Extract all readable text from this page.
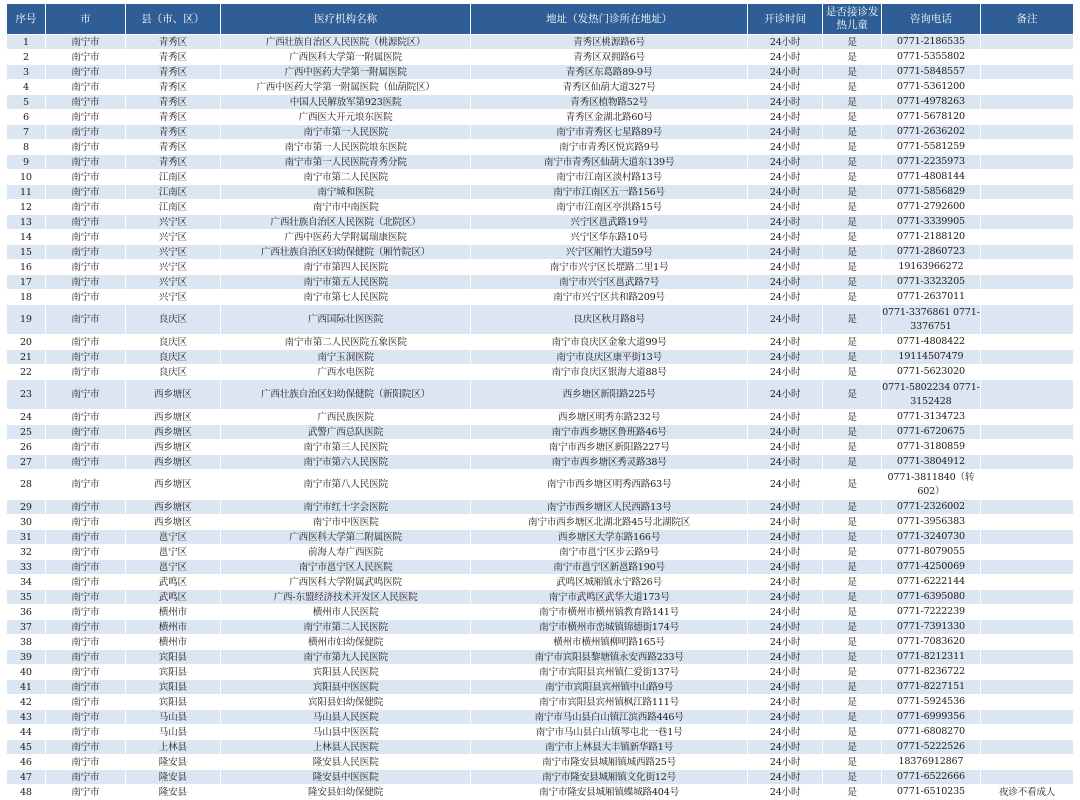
序号	市	县（市、区）	医疗机构名称	地址（发热门诊所在地址）	开诊时间	是否接诊发热儿童	咨询电话	备注
1	南宁市	青秀区	广西壮族自治区人民医院（桃源院区）	青秀区桃源路6号	24小时	是	0771-2186535	
2	南宁市	青秀区	广西医科大学第一附属医院	青秀区双拥路6号	24小时	是	0771-5355802	
3	南宁市	青秀区	广西中医药大学第一附属医院	青秀区东葛路89-9号	24小时	是	0771-5848557	
4	南宁市	青秀区	广西中医药大学第一附属医院（仙葫院区）	青秀区仙葫大道327号	24小时	是	0771-5361200	
5	南宁市	青秀区	中国人民解放军第923医院	青秀区植物路52号	24小时	是	0771-4978263	
6	南宁市	青秀区	广西医大开元埌东医院	青秀区金湖北路60号	24小时	是	0771-5678120	
7	南宁市	青秀区	南宁市第一人民医院	南宁市青秀区七星路89号	24小时	是	0771-2636202	
8	南宁市	青秀区	南宁市第一人民医院埌东医院	南宁市青秀区悦宾路9号	24小时	是	0771-5581259	
9	南宁市	青秀区	南宁市第一人民医院青秀分院	南宁市青秀区仙葫大道东139号	24小时	是	0771-2235973	
10	南宁市	江南区	南宁市第二人民医院	南宁市江南区淡村路13号	24小时	是	0771-4808144	
11	南宁市	江南区	南宁城和医院	南宁市江南区五一路156号	24小时	是	0771-5856829	
12	南宁市	江南区	南宁市中南医院	南宁市江南区亭洪路15号	24小时	是	0771-2792600	
13	南宁市	兴宁区	广西壮族自治区人民医院（北院区）	兴宁区邕武路19号	24小时	是	0771-3339905	
14	南宁市	兴宁区	广西中医药大学附属瑞康医院	兴宁区华东路10号	24小时	是	0771-2188120	
15	南宁市	兴宁区	广西壮族自治区妇幼保健院（厢竹院区）	兴宁区厢竹大道59号	24小时	是	0771-2860723	
16	南宁市	兴宁区	南宁市第四人民医院	南宁市兴宁区长堽路二里1号	24小时	是	19163966272	
17	南宁市	兴宁区	南宁市第五人民医院	南宁市兴宁区邕武路7号	24小时	是	0771-3323205	
18	南宁市	兴宁区	南宁市第七人民医院	南宁市兴宁区共和路209号	24小时	是	0771-2637011	
19	南宁市	良庆区	广西国际壮医医院	良庆区秋月路8号	24小时	是	0771-3376861 0771-3376751	
20	南宁市	良庆区	南宁市第二人民医院五象医院	南宁市良庆区金象大道99号	24小时	是	0771-4808422	
21	南宁市	良庆区	南宁玉洞医院	南宁市良庆区康平街13号	24小时	是	19114507479	
22	南宁市	良庆区	广西水电医院	南宁市良庆区银海大道88号	24小时	是	0771-5623020	
23	南宁市	西乡塘区	广西壮族自治区妇幼保健院（新阳院区）	西乡塘区新阳路225号	24小时	是	0771-5802234 0771-3152428	
24	南宁市	西乡塘区	广西民族医院	西乡塘区明秀东路232号	24小时	是	0771-3134723	
25	南宁市	西乡塘区	武警广西总队医院	南宁市西乡塘区鲁班路46号	24小时	是	0771-6720675	
26	南宁市	西乡塘区	南宁市第三人民医院	南宁市西乡塘区新阳路227号	24小时	是	0771-3180859	
27	南宁市	西乡塘区	南宁市第六人民医院	南宁市西乡塘区秀灵路38号	24小时	是	0771-3804912	
28	南宁市	西乡塘区	南宁市第八人民医院	南宁市西乡塘区明秀西路63号	24小时	是	0771-3811840（转602）	
29	南宁市	西乡塘区	南宁市红十字会医院	南宁市西乡塘区人民西路13号	24小时	是	0771-2326002	
30	南宁市	西乡塘区	南宁市中医医院	南宁市西乡塘区北湖北路45号北湖院区	24小时	是	0771-3956383	
31	南宁市	邕宁区	广西医科大学第二附属医院	西乡塘区大学东路166号	24小时	是	0771-3240730	
32	南宁市	邕宁区	前海人寿广西医院	南宁市邕宁区步云路9号	24小时	是	0771-8079055	
33	南宁市	邕宁区	南宁市邕宁区人民医院	南宁市邕宁区新邕路190号	24小时	是	0771-4250069	
34	南宁市	武鸣区	广西医科大学附属武鸣医院	武鸣区城厢镇永宁路26号	24小时	是	0771-6222144	
35	南宁市	武鸣区	广西-东盟经济技术开发区人民医院	南宁市武鸣区武华大道173号	24小时	是	0771-6395080	
36	南宁市	横州市	横州市人民医院	南宁市横州市横州镇教育路141号	24小时	是	0771-7222239	
37	南宁市	横州市	南宁市第二人民医院	南宁市横州市峦城镇锦德街174号	24小时	是	0771-7391330	
38	南宁市	横州市	横州市妇幼保健院	横州市横州镇柳明路165号	24小时	是	0771-7083620	
39	南宁市	宾阳县	南宁市第九人民医院	南宁市宾阳县黎塘镇永安西路233号	24小时	是	0771-8212311	
40	南宁市	宾阳县	宾阳县人民医院	南宁市宾阳县宾州镇仁爱街137号	24小时	是	0771-8236722	
41	南宁市	宾阳县	宾阳县中医医院	南宁市宾阳县宾州镇中山路9号	24小时	是	0771-8227151	
42	南宁市	宾阳县	宾阳县妇幼保健院	南宁市宾阳县宾州镇枫江路111号	24小时	是	0771-5924536	
43	南宁市	马山县	马山县人民医院	南宁市马山县白山镇江滨西路446号	24小时	是	0771-6999356	
44	南宁市	马山县	马山县中医医院	南宁市马山县白山镇琴屯北一巷1号	24小时	是	0771-6808270	
45	南宁市	上林县	上林县人民医院	南宁市上林县大丰镇新华路1号	24小时	是	0771-5222526	
46	南宁市	隆安县	隆安县人民医院	南宁市隆安县城厢镇城西路25号	24小时	是	18376912867	
47	南宁市	隆安县	隆安县中医医院	南宁市隆安县城厢镇文化街12号	24小时	是	0771-6522666	
48	南宁市	隆安县	隆安县妇幼保健院	南宁市隆安县城厢镇蝶城路404号	24小时	是	0771-6510235	夜诊不看成人
